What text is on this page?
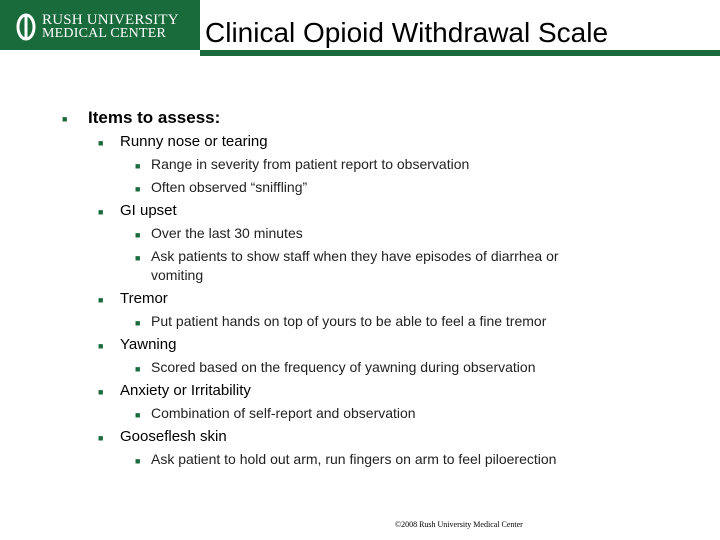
RUSH UNIVERSITY
MEDICAL CENTER	Clinical Opioid Withdrawal Scale
■ Items to assess:
■ Runny nose or tearing
■ Range in severity from patient report to observation
■ Often observed “sniffling”
■ GI upset
■ Over the last 30 minutes
■ Ask patients to show staff when they have episodes of diarrhea or
vomiting
■ Tremor
■ Put patient hands on top of yours to be able to feel a fine tremor
■ Yawning
■ Scored based on the frequency of yawning during observation
■ Anxiety or Irritability
■ Combination of self-report and observation
■ Gooseflesh skin
■ Ask patient to hold out arm, run fingers on arm to feel piloerection
©2008 Rush University Medical Center
